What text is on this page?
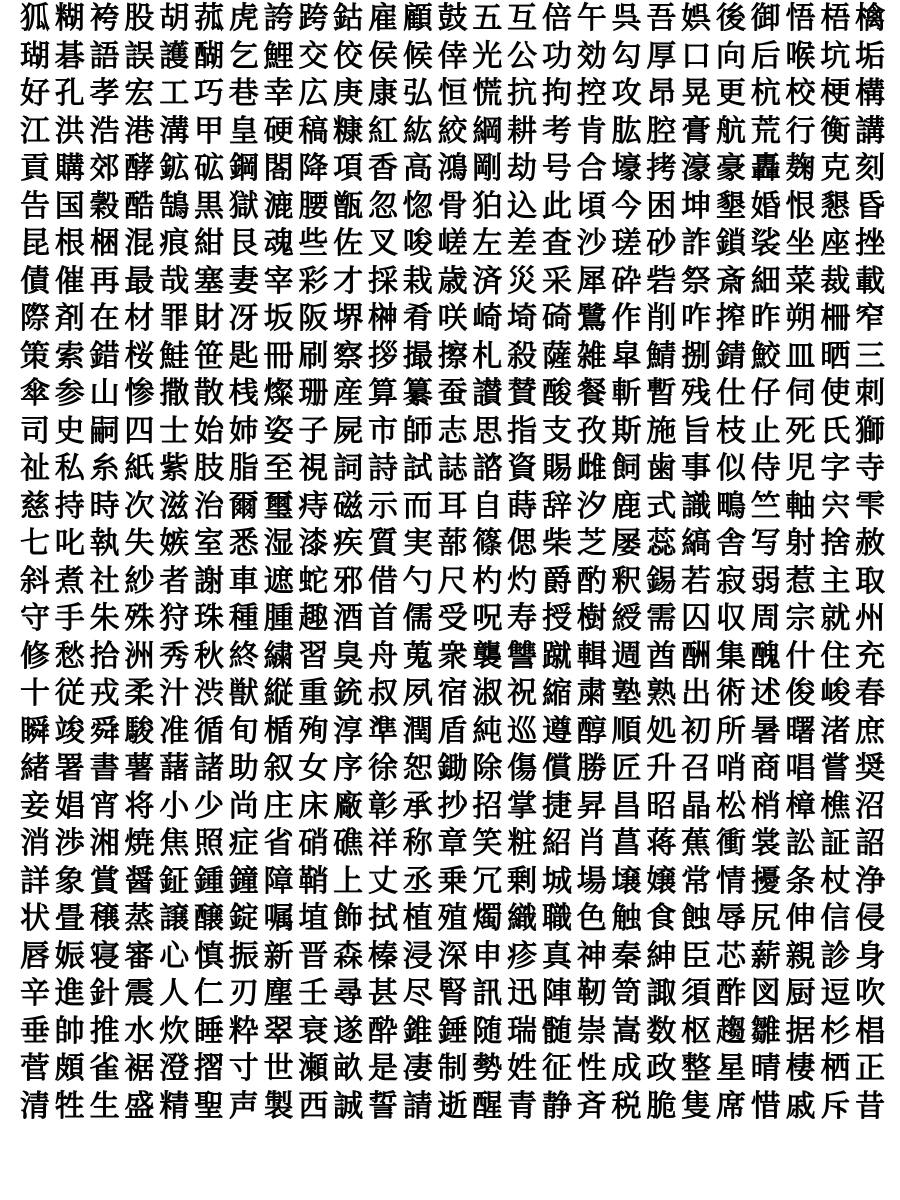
狐 糊 袴 股 胡 菰 虎 誇 跨 鈷 雇 顧 鼓 五 互 倍 午 呉 吾 娯 後 御 悟 梧 檎
瑚 碁 語 誤 護 醐 乞 鯉 交 佼 侯 候 倖 光 公 功 効 勾 厚 口 向 后 喉 坑 垢
好 孔 孝 宏 工 巧 巷 幸 広 庚 康 弘 恒 慌 抗 拘 控 攻 昂 晃 更 杭 校 梗 構
江 洪 浩 港 溝 甲 皇 硬 稿 糠 紅 紘 絞 綱 耕 考 肯 肱 腔 膏 航 荒 行 衡 講
貢 購 郊 酵 鉱 砿 鋼 閤 降 項 香 高 鴻 剛 劫 号 合 壕 拷 濠 豪 轟 麹 克 刻
告 国 穀 酷 鵠 黒 獄 漉 腰 甑 忽 惚 骨 狛 込 此 頃 今 困 坤 墾 婚 恨 懇 昏
昆 根 梱 混 痕 紺 艮 魂 些 佐 叉 唆 嵯 左 差 査 沙 瑳 砂 詐 鎖 裟 坐 座 挫
債 催 再 最 哉 塞 妻 宰 彩 才 採 栽 歳 済 災 采 犀 砕 砦 祭 斎 細 菜 裁 載
際 剤 在 材 罪 財 冴 坂 阪 堺 榊 肴 咲 崎 埼 碕 鷺 作 削 咋 搾 昨 朔 柵 窄
策 索 錯 桜 鮭 笹 匙 冊 刷 察 拶 撮 擦 札 殺 薩 雑 皐 鯖 捌 錆 鮫 皿 晒 三
傘 参 山 惨 撒 散 桟 燦 珊 産 算 纂 蚕 讃 賛 酸 餐 斬 暫 残 仕 仔 伺 使 刺
司 史 嗣 四 士 始 姉 姿 子 屍 市 師 志 思 指 支 孜 斯 施 旨 枝 止 死 氏 獅
祉 私 糸 紙 紫 肢 脂 至 視 詞 詩 試 誌 諮 資 賜 雌 飼 歯 事 似 侍 児 字 寺
慈 持 時 次 滋 治 爾 璽 痔 磁 示 而 耳 自 蒔 辞 汐 鹿 式 識 鴫 竺 軸 宍 雫
七 叱 執 失 嫉 室 悉 湿 漆 疾 質 実 蔀 篠 偲 柴 芝 屡 蕊 縞 舎 写 射 捨 赦
斜 煮 社 紗 者 謝 車 遮 蛇 邪 借 勺 尺 杓 灼 爵 酌 釈 錫 若 寂 弱 惹 主 取
守 手 朱 殊 狩 珠 種 腫 趣 酒 首 儒 受 呪 寿 授 樹 綬 需 囚 収 周 宗 就 州
修 愁 拾 洲 秀 秋 終 繍 習 臭 舟 蒐 衆 襲 讐 蹴 輯 週 酋 酬 集 醜 什 住 充
十 従 戎 柔 汁 渋 獣 縦 重 銃 叔 夙 宿 淑 祝 縮 粛 塾 熟 出 術 述 俊 峻 春
瞬 竣 舜 駿 准 循 旬 楯 殉 淳 準 潤 盾 純 巡 遵 醇 順 処 初 所 暑 曙 渚 庶
緒 署 書 薯 藷 諸 助 叙 女 序 徐 恕 鋤 除 傷 償 勝 匠 升 召 哨 商 唱 嘗 奨
妾 娼 宵 将 小 少 尚 庄 床 廠 彰 承 抄 招 掌 捷 昇 昌 昭 晶 松 梢 樟 樵 沼
消 渉 湘 焼 焦 照 症 省 硝 礁 祥 称 章 笑 粧 紹 肖 菖 蒋 蕉 衝 裳 訟 証 詔
詳 象 賞 醤 鉦 鍾 鐘 障 鞘 上 丈 丞 乗 冗 剰 城 場 壌 嬢 常 情 擾 条 杖 浄
状 畳 穣 蒸 譲 醸 錠 嘱 埴 飾 拭 植 殖 燭 織 職 色 触 食 蝕 辱 尻 伸 信 侵
唇 娠 寝 審 心 慎 振 新 晋 森 榛 浸 深 申 疹 真 神 秦 紳 臣 芯 薪 親 診 身
辛 進 針 震 人 仁 刃 塵 壬 尋 甚 尽 腎 訊 迅 陣 靭 笥 諏 須 酢 図 厨 逗 吹
垂 帥 推 水 炊 睡 粋 翠 衰 遂 酔 錐 錘 随 瑞 髄 崇 嵩 数 枢 趨 雛 据 杉 椙
菅 頗 雀 裾 澄 摺 寸 世 瀬 畝 是 凄 制 勢 姓 征 性 成 政 整 星 晴 棲 栖 正
清 牲 生 盛 精 聖 声 製 西 誠 誓 請 逝 醒 青 静 斉 税 脆 隻 席 惜 戚 斥 昔
